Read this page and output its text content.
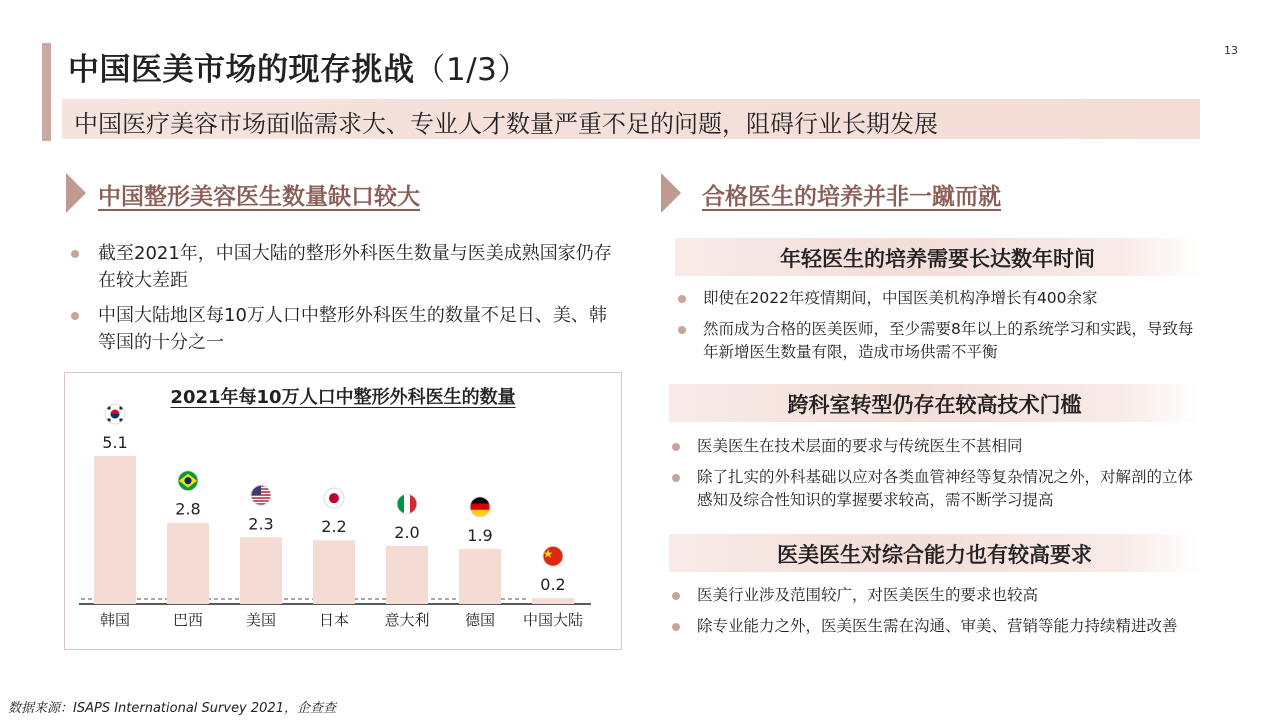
中国医美市场的现存挑战（1/3）
13
中国医疗美容市场面临需求大、专业人才数量严重不足的问题，阻碍行业长期发展
中国整形美容医生数量缺口较大
截至2021年，中国大陆的整形外科医生数量与医美成熟国家仍存在较大差距
中国大陆地区每10万人口中整形外科医生的数量不足日、美、韩等国的十分之一
2021年每10万人口中整形外科医生的数量
5.1
韩国
2.8
巴西
2.3
美国
2.2
日本
2.0
意大利
1.9
德国
0.2
中国大陆
合格医生的培养并非一蹴而就
年轻医生的培养需要长达数年时间
即使在2022年疫情期间，中国医美机构净增长有400余家
然而成为合格的医美医师，至少需要8年以上的系统学习和实践，导致每年新增医生数量有限，造成市场供需不平衡
跨科室转型仍存在较高技术门槛
医美医生在技术层面的要求与传统医生不甚相同
除了扎实的外科基础以应对各类血管神经等复杂情况之外，对解剖的立体感知及综合性知识的掌握要求较高，需不断学习提高
医美医生对综合能力也有较高要求
医美行业涉及范围较广，对医美医生的要求也较高
除专业能力之外，医美医生需在沟通、审美、营销等能力持续精进改善
数据来源：ISAPS International Survey 2021，企查查
